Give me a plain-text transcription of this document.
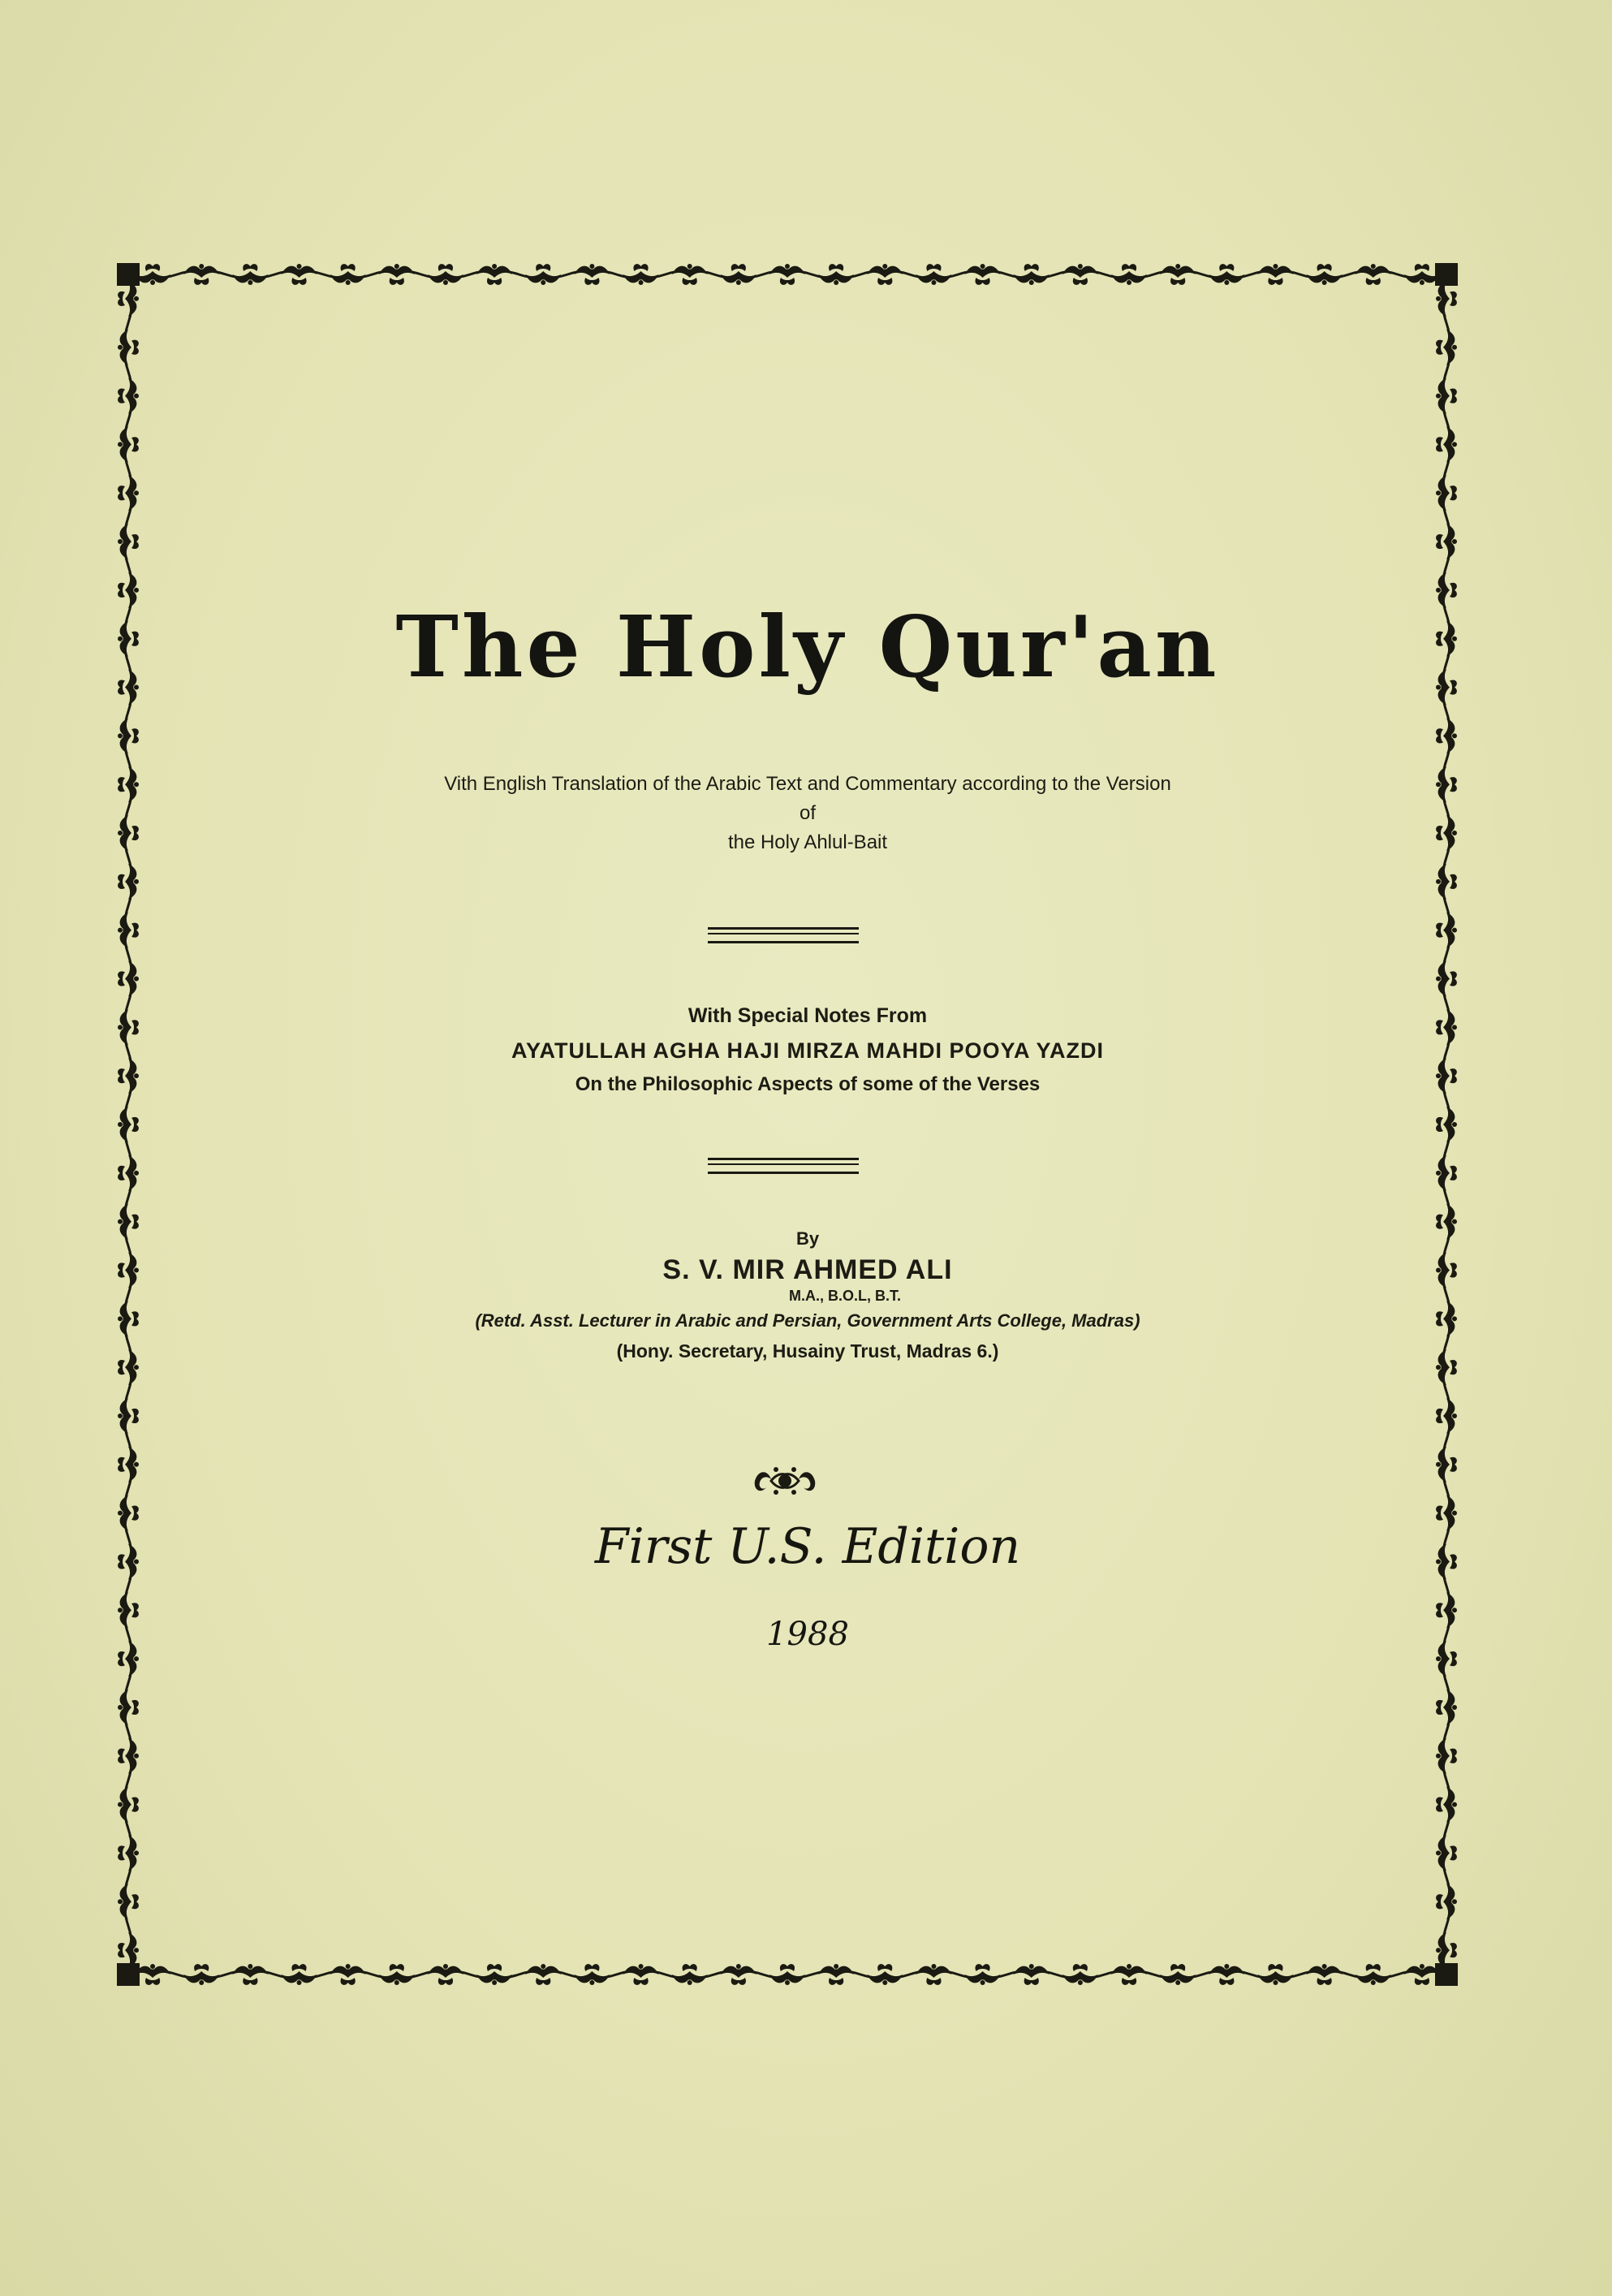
The Holy Qur'an
Vith English Translation of the Arabic Text and Commentary according to the Version
of
the Holy Ahlul-Bait
With Special Notes From
AYATULLAH AGHA HAJI MIRZA MAHDI POOYA YAZDI
On the Philosophic Aspects of some of the Verses
By
S. V. MIR AHMED ALI
M.A., B.O.L, B.T.
(Retd. Asst. Lecturer in Arabic and Persian, Government Arts College, Madras)
(Hony. Secretary, Husainy Trust, Madras 6.)
First U.S. Edition
1988
